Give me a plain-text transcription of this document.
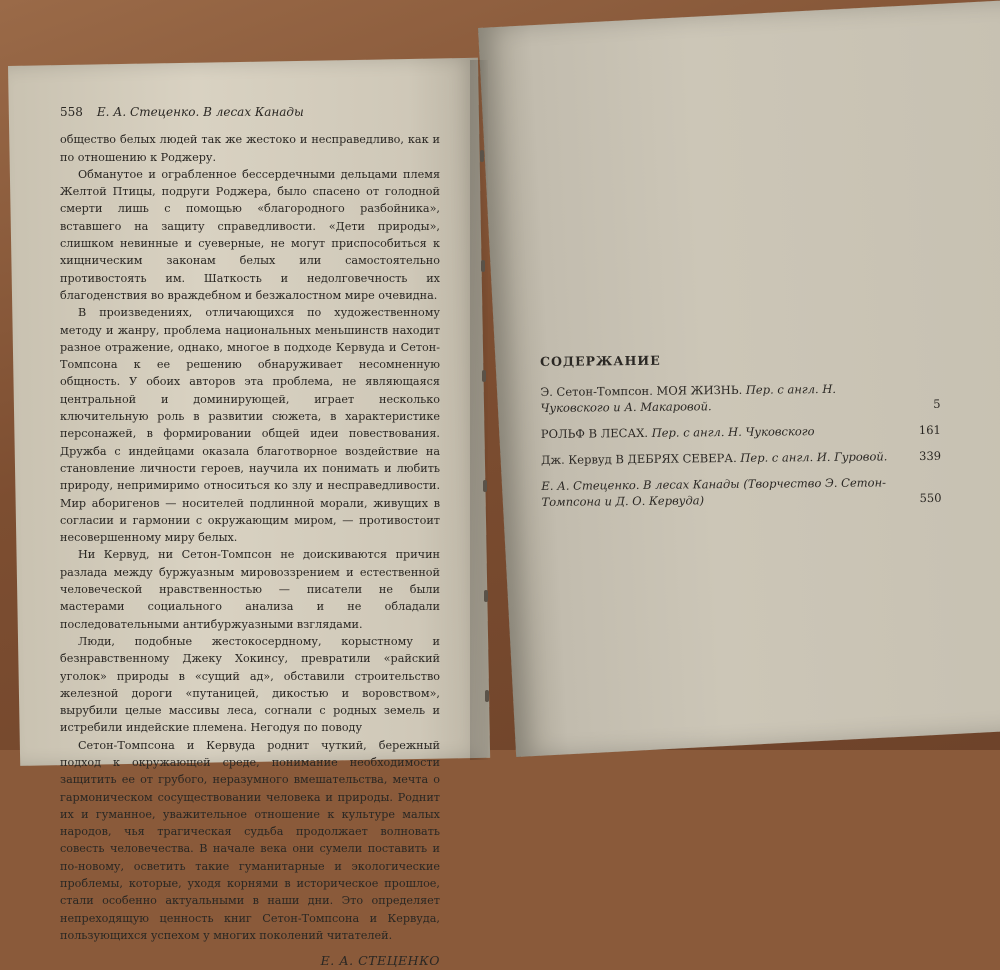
558 Е. А. Стеценко. В лесах Канады

общество белых людей так же жестоко и несправедливо, как и по отношению к Роджеру.

Обманутое и ограбленное бессердечными дельцами племя Желтой Птицы, подруги Роджера, было спасено от голодной смерти лишь с помощью «благородного разбойника», вставшего на защиту справедливости. «Дети природы», слишком невинные и суеверные, не могут приспособиться к хищническим законам белых или самостоятельно противостоять им. Шаткость и недолговечность их благоденствия во враждебном и безжалостном мире очевидна.

В произведениях, отличающихся по художественному методу и жанру, проблема национальных меньшинств находит разное отражение, однако, многое в подходе Кервуда и Сетон-Томпсона к ее решению обнаруживает несомненную общность. У обоих авторов эта проблема, не являющаяся центральной и доминирующей, играет несколько ключительную роль в развитии сюжета, в характеристике персонажей, в формировании общей идеи повествования. Дружба с индейцами оказала благотворное воздействие на становление личности героев, научила их понимать и любить природу, непримиримо относиться ко злу и несправедливости. Мир аборигенов — носителей подлинной морали, живущих в согласии и гармонии с окружающим миром, — противостоит несовершенному миру белых.

Ни Кервуд, ни Сетон-Томпсон не доискиваются причин разлада между буржуазным мировоззрением и естественной человеческой нравственностью — писатели не были мастерами социального анализа и не обладали последовательными антибуржуазными взглядами.

Люди, подобные жестокосердному, корыстному и безнравственному Джеку Хокинсу, превратили «райский уголок» природы в «сущий ад», обставили строительство железной дороги «путаницей, дикостью и воровством», вырубили целые массивы леса, согнали с родных земель и истребили индейские племена. Негодуя по поводу

Сетон-Томпсона и Кервуда роднит чуткий, бережный подход к окружающей среде, понимание необходимости защитить ее от грубого, неразумного вмешательства, мечта о гармоническом сосуществовании человека и природы. Роднит их и гуманное, уважительное отношение к культуре малых народов, чья трагическая судьба продолжает волновать совесть человечества. В начале века они сумели поставить и по-новому, осветить такие гуманитарные и экологические проблемы, которые, уходя корнями в историческое прошлое, стали особенно актуальными в наши дни. Это определяет непреходящую ценность книг Сетон-Томпсона и Кервуда, пользующихся успехом у многих поколений читателей.

Е. А. СТЕЦЕНКО
СОДЕРЖАНИЕ
Э. Сетон-Томпсон. МОЯ ЖИЗНЬ. Пер. с англ. Н. Чуковского и А. Макаровой.	5
РОЛЬФ В ЛЕСАХ. Пер. с англ. Н. Чуковского	161
Дж. Кервуд В ДЕБРЯХ СЕВЕРА. Пер. с англ. И. Гуровой.	339
Е. А. Стеценко. В лесах Канады (Творчество Э. Сетон-Томпсона и Д. О. Кервуда)	550
